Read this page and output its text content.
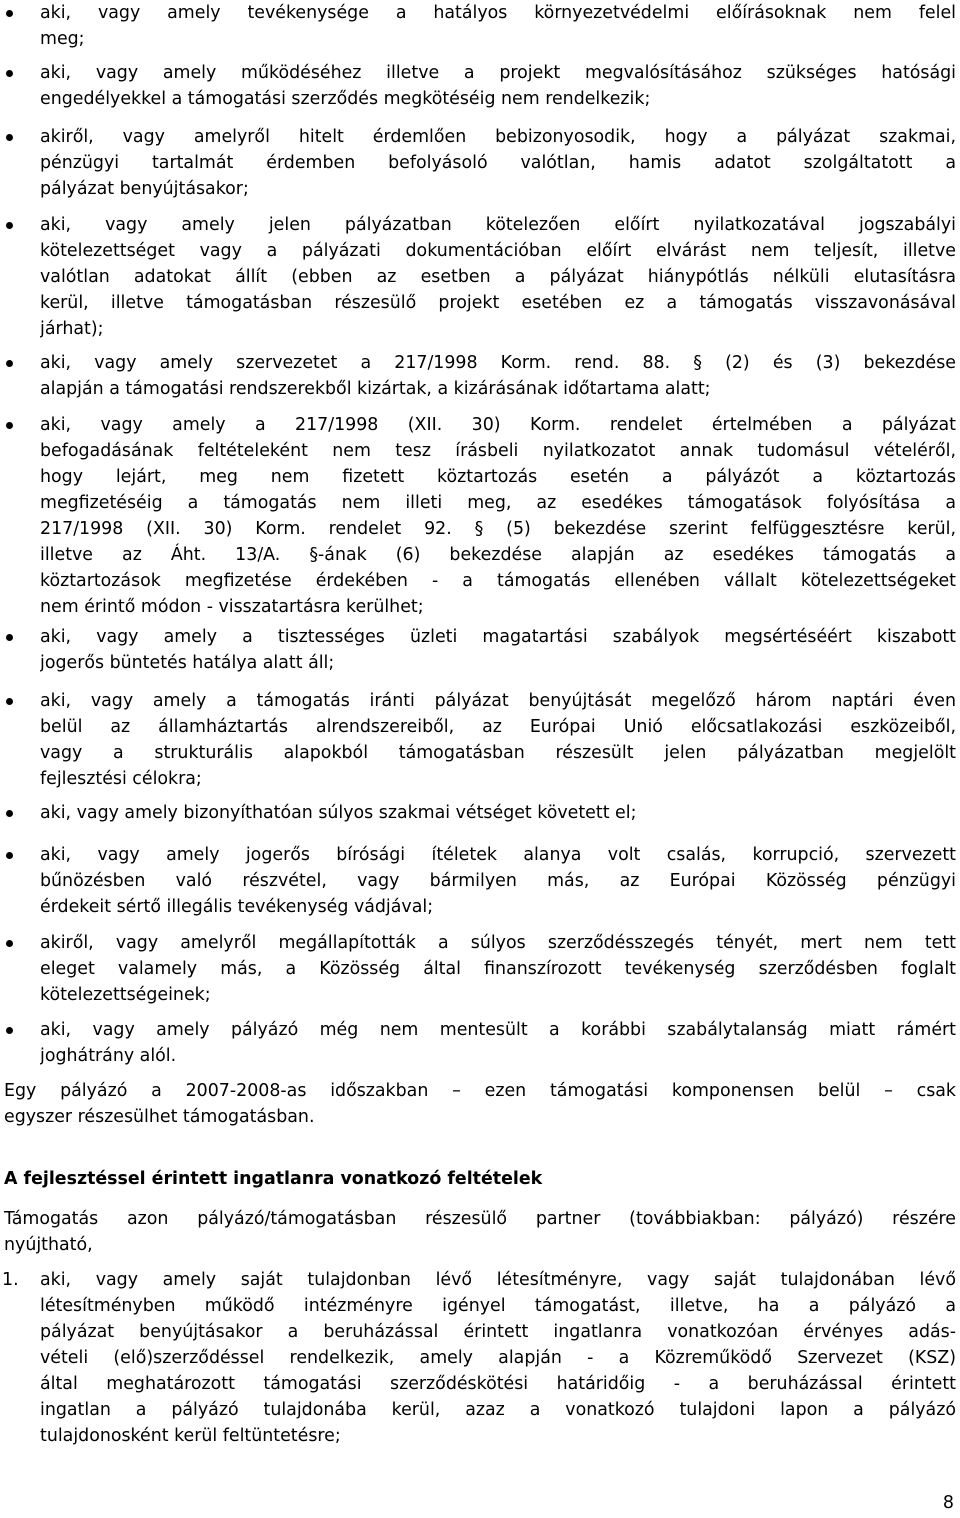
aki, vagy amely tevékenysége a hatályos környezetvédelmi előírásoknak nem felel
meg;
aki, vagy amely működéséhez illetve a projekt megvalósításához szükséges hatósági
engedélyekkel a támogatási szerződés megkötéséig nem rendelkezik;
akiről, vagy amelyről hitelt érdemlően bebizonyosodik, hogy a pályázat szakmai,
pénzügyi tartalmát érdemben befolyásoló valótlan, hamis adatot szolgáltatott a
pályázat benyújtásakor;
aki, vagy amely jelen pályázatban kötelezően előírt nyilatkozatával jogszabályi
kötelezettséget vagy a pályázati dokumentációban előírt elvárást nem teljesít, illetve
valótlan adatokat állít (ebben az esetben a pályázat hiánypótlás nélküli elutasításra
kerül, illetve támogatásban részesülő projekt esetében ez a támogatás visszavonásával
járhat);
aki, vagy amely szervezetet a 217/1998 Korm. rend. 88. § (2) és (3) bekezdése
alapján a támogatási rendszerekből kizártak, a kizárásának időtartama alatt;
aki, vagy amely a 217/1998 (XII. 30) Korm. rendelet értelmében a pályázat
befogadásának feltételeként nem tesz írásbeli nyilatkozatot annak tudomásul vételéről,
hogy lejárt, meg nem fizetett köztartozás esetén a pályázót a köztartozás
megfizetéséig a támogatás nem illeti meg, az esedékes támogatások folyósítása a
217/1998 (XII. 30) Korm. rendelet 92. § (5) bekezdése szerint felfüggesztésre kerül,
illetve az Áht. 13/A. §-ának (6) bekezdése alapján az esedékes támogatás a
köztartozások megfizetése érdekében - a támogatás ellenében vállalt kötelezettségeket
nem érintő módon - visszatartásra kerülhet;
aki, vagy amely a tisztességes üzleti magatartási szabályok megsértéséért kiszabott
jogerős büntetés hatálya alatt áll;
aki, vagy amely a támogatás iránti pályázat benyújtását megelőző három naptári éven
belül az államháztartás alrendszereiből, az Európai Unió előcsatlakozási eszközeiből,
vagy a strukturális alapokból támogatásban részesült jelen pályázatban megjelölt
fejlesztési célokra;
aki, vagy amely bizonyíthatóan súlyos szakmai vétséget követett el;
aki, vagy amely jogerős bírósági ítéletek alanya volt csalás, korrupció, szervezett
bűnözésben való részvétel, vagy bármilyen más, az Európai Közösség pénzügyi
érdekeit sértő illegális tevékenység vádjával;
akiről, vagy amelyről megállapították a súlyos szerződésszegés tényét, mert nem tett
eleget valamely más, a Közösség által finanszírozott tevékenység szerződésben foglalt
kötelezettségeinek;
aki, vagy amely pályázó még nem mentesült a korábbi szabálytalanság miatt rámért
joghátrány alól.
Egy pályázó a 2007-2008-as időszakban – ezen támogatási komponensen belül – csak
egyszer részesülhet támogatásban.
A fejlesztéssel érintett ingatlanra vonatkozó feltételek
Támogatás azon pályázó/támogatásban részesülő partner (továbbiakban: pályázó) részére
nyújtható,
1. aki, vagy amely saját tulajdonban lévő létesítményre, vagy saját tulajdonában lévő
létesítményben működő intézményre igényel támogatást, illetve, ha a pályázó a
pályázat benyújtásakor a beruházással érintett ingatlanra vonatkozóan érvényes adás-
vételi (elő)szerződéssel rendelkezik, amely alapján - a Közreműködő Szervezet (KSZ)
által meghatározott támogatási szerződéskötési határidőig - a beruházással érintett
ingatlan a pályázó tulajdonába kerül, azaz a vonatkozó tulajdoni lapon a pályázó
tulajdonosként kerül feltüntetésre;
8
